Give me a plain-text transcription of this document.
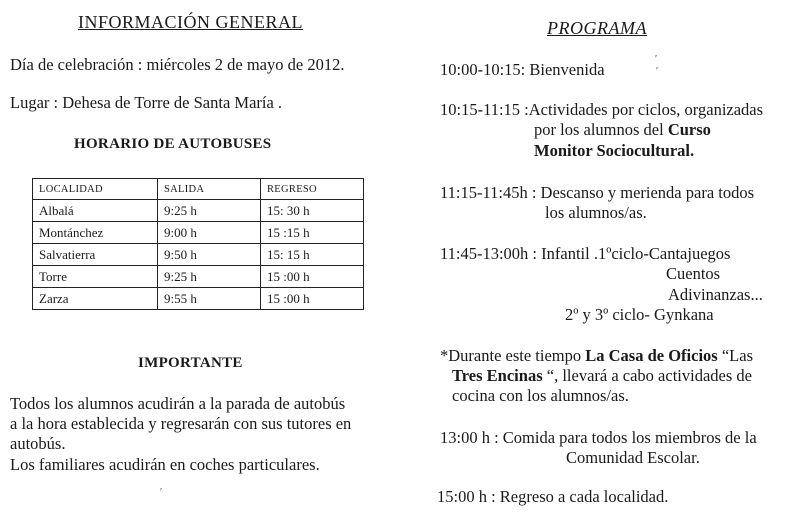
INFORMACIÓN GENERAL
Día de celebración : miércoles 2 de mayo de 2012.
Lugar : Dehesa de Torre de Santa María .
HORARIO DE AUTOBUSES
LOCALIDAD	SALIDA	REGRESO
Albalá	9:25 h	15: 30 h
Montánchez	9:00 h	15 :15 h
Salvatierra	9:50 h	15: 15 h
Torre	9:25 h	15 :00 h
Zarza	9:55 h	15 :00 h
IMPORTANTE
Todos los alumnos acudirán a la parada de autobús
a la hora establecida y regresarán con sus tutores en
autobús.
Los familiares acudirán en coches particulares.
PROGRAMA
10:00-10:15: Bienvenida
10:15-11:15 :Actividades por ciclos, organizadas
por los alumnos del Curso
Monitor Sociocultural.
11:15-11:45h : Descanso y merienda para todos
los alumnos/as.
11:45-13:00h : Infantil .1ºciclo-Cantajuegos
Cuentos
Adivinanzas...
2º y 3º ciclo- Gynkana
*Durante este tiempo La Casa de Oficios “Las
Tres Encinas “, llevará a cabo actividades de
cocina con los alumnos/as.
13:00 h : Comida para todos los miembros de la
Comunidad Escolar.
15:00 h : Regreso a cada localidad.
′
′
′
